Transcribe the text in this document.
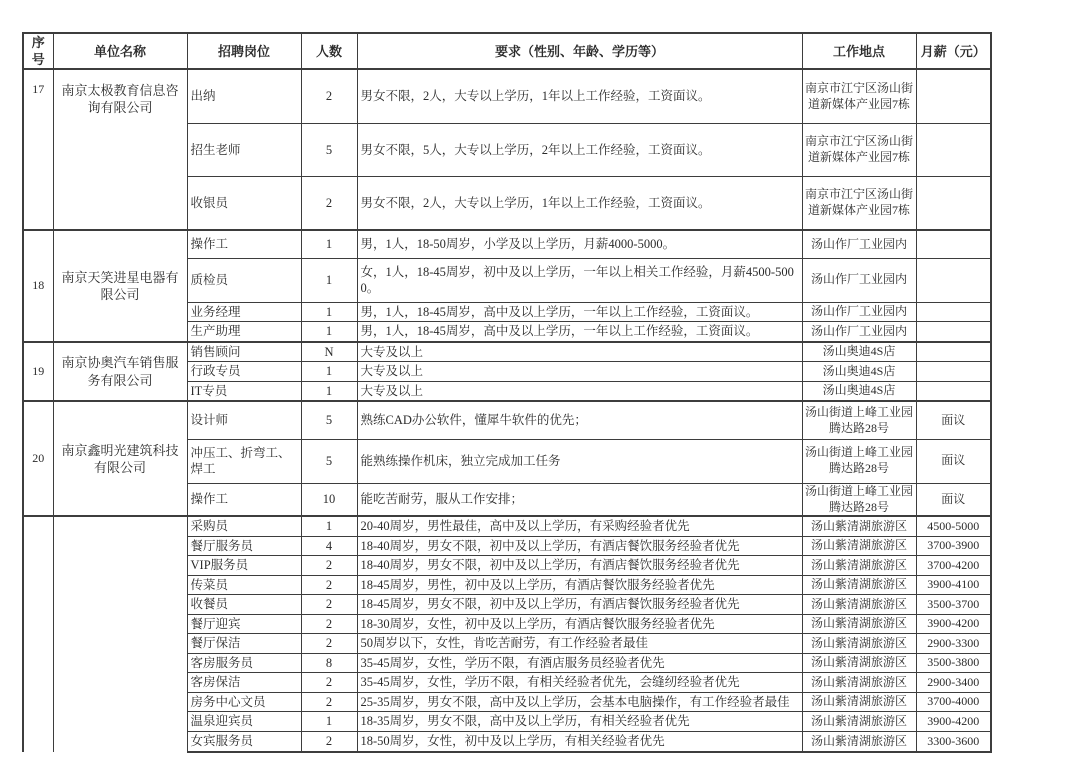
序号	单位名称	招聘岗位	人数	要求（性别、年龄、学历等）	工作地点	月薪（元）
17	南京太极教育信息咨询有限公司	出纳	2	男女不限，2人，大专以上学历，1年以上工作经验，工资面议。	南京市江宁区汤山街道新媒体产业园7栋	
		招生老师	5	男女不限，5人，大专以上学历，2年以上工作经验，工资面议。	南京市江宁区汤山街道新媒体产业园7栋	
		收银员	2	男女不限，2人，大专以上学历，1年以上工作经验，工资面议。	南京市江宁区汤山街道新媒体产业园7栋	
18	南京天笑进星电器有限公司	操作工	1	男，1人，18-50周岁，小学及以上学历，月薪4000-5000。	汤山作厂工业园内	
		质检员	1	女，1人，18-45周岁，初中及以上学历，一年以上相关工作经验，月薪4500-5000。	汤山作厂工业园内	
		业务经理	1	男，1人，18-45周岁，高中及以上学历，一年以上工作经验，工资面议。	汤山作厂工业园内	
		生产助理	1	男，1人，18-45周岁，高中及以上学历，一年以上工作经验，工资面议。	汤山作厂工业园内	
19	南京协奥汽车销售服务有限公司	销售顾问	N	大专及以上	汤山奥迪4S店	
		行政专员	1	大专及以上	汤山奥迪4S店	
		IT专员	1	大专及以上	汤山奥迪4S店	
20	南京鑫明光建筑科技有限公司	设计师	5	熟练CAD办公软件，懂犀牛软件的优先；	汤山街道上峰工业园腾达路28号	面议
		冲压工、折弯工、焊工	5	能熟练操作机床，独立完成加工任务	汤山街道上峰工业园腾达路28号	面议
		操作工	10	能吃苦耐劳，服从工作安排；	汤山街道上峰工业园腾达路28号	面议
		采购员	1	20-40周岁，男性最佳，高中及以上学历，有采购经验者优先	汤山紫清湖旅游区	4500-5000
		餐厅服务员	4	18-40周岁，男女不限，初中及以上学历，有酒店餐饮服务经验者优先	汤山紫清湖旅游区	3700-3900
		VIP服务员	2	18-40周岁，男女不限，初中及以上学历，有酒店餐饮服务经验者优先	汤山紫清湖旅游区	3700-4200
		传菜员	2	18-45周岁，男性，初中及以上学历，有酒店餐饮服务经验者优先	汤山紫清湖旅游区	3900-4100
		收餐员	2	18-45周岁，男女不限，初中及以上学历，有酒店餐饮服务经验者优先	汤山紫清湖旅游区	3500-3700
		餐厅迎宾	2	18-30周岁，女性，初中及以上学历，有酒店餐饮服务经验者优先	汤山紫清湖旅游区	3900-4200
		餐厅保洁	2	50周岁以下，女性，肯吃苦耐劳，有工作经验者最佳	汤山紫清湖旅游区	2900-3300
		客房服务员	8	35-45周岁，女性，学历不限，有酒店服务员经验者优先	汤山紫清湖旅游区	3500-3800
		客房保洁	2	35-45周岁，女性，学历不限，有相关经验者优先，会缝纫经验者优先	汤山紫清湖旅游区	2900-3400
		房务中心文员	2	25-35周岁，男女不限，高中及以上学历，会基本电脑操作，有工作经验者最佳	汤山紫清湖旅游区	3700-4000
		温泉迎宾员	1	18-35周岁，男女不限，高中及以上学历，有相关经验者优先	汤山紫清湖旅游区	3900-4200
		女宾服务员	2	18-50周岁，女性，初中及以上学历，有相关经验者优先	汤山紫清湖旅游区	3300-3600
